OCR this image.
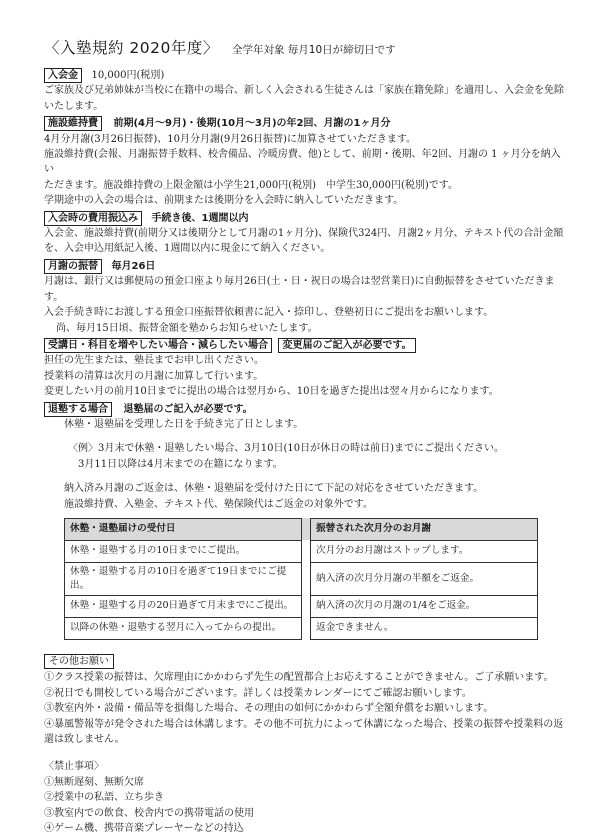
〈入塾規約 2020年度〉 全学年対象 毎月10日が締切日です
入会金 10,000円(税別)

ご家族及び兄弟姉妹が当校に在籍中の場合、新しく入会される生徒さんは「家族在籍免除」を適用し、入会金を免除

いたします。

施設維持費 前期(4月〜9月)・後期(10月〜3月)の年2回、月謝の1ヶ月分

4月分月謝(3月26日振替)、10月分月謝(9月26日振替)に加算させていただきます。

施設維持費(会報、月謝振替手数料、校舎備品、冷暖房費、他)として、前期・後期、年2回、月謝の 1 ヶ月分を納入い

ただきます。施設維持費の上限金額は小学生21,000円(税別)　中学生30,000円(税別)です。

学期途中の入会の場合は、前期または後期分を入会時に納入していただきます。

入会時の費用振込み 手続き後、1週間以内

入会金、施設維持費(前期分又は後期分として月謝の1ヶ月分)、保険代324円、月謝2ヶ月分、テキスト代の合計金額

を、入会申込用紙記入後、1週間以内に現金にて納入ください。

月謝の振替 毎月26日

月謝は、銀行又は郵便局の預金口座より毎月26日(土・日・祝日の場合は翌営業日)に自動振替をさせていただきます。

入会手続き時にお渡しする預金口座振替依頼書に記入・捺印し、登塾初日にご提出をお願いします。

尚、毎月15日頃、振替金額を塾からお知らせいたします。

受講日・科目を増やしたい場合・減らしたい場合 変更届のご記入が必要です。

担任の先生または、塾長までお申し出ください。

授業料の清算は次月の月謝に加算して行います。

変更したい月の前月10日までに提出の場合は翌月から、10日を過ぎた提出は翌々月からになります。

退塾する場合 退塾届のご記入が必要です。

休塾・退塾届を受理した日を手続き完了日とします。

〈例〉3月末で休塾・退塾したい場合、3月10日(10日が休日の時は前日)までにご提出ください。

3月11日以降は4月末までの在籍になります。

納入済み月謝のご返金は、休塾・退塾届を受付けた日にて下記の対応をさせていただきます。

施設維持費、入塾金、テキスト代、塾保険代はご返金の対象外です。

休塾・退塾届けの受付日		振替された次月分のお月謝
休塾・退塾する月の10日までにご提出。		次月分のお月謝はストップします。
休塾・退塾する月の10日を過ぎて19日までにご提出。		納入済の次月分月謝の半額をご返金。
休塾・退塾する月の20日過ぎて月末までにご提出。		納入済の次月の月謝の1/4をご返金。
以降の休塾・退塾する翌月に入ってからの提出。		返金できません。
その他お願い

①クラス授業の振替は、欠席理由にかかわらず先生の配置都合上お応えすることができません。ご了承願います。

②祝日でも開校している場合がございます。詳しくは授業カレンダーにてご確認お願いします。

③教室内外・設備・備品等を損傷した場合、その理由の如何にかかわらず全額弁償をお願いします。

④暴風警報等が発令された場合は休講します。その他不可抗力によって休講になった場合、授業の振替や授業料の返

還は致しません。

〈禁止事項〉

①無断遅刻、無断欠席

②授業中の私語、立ち歩き

③教室内での飲食、校舎内での携帯電話の使用

④ゲーム機、携帯音楽プレーヤーなどの持込
